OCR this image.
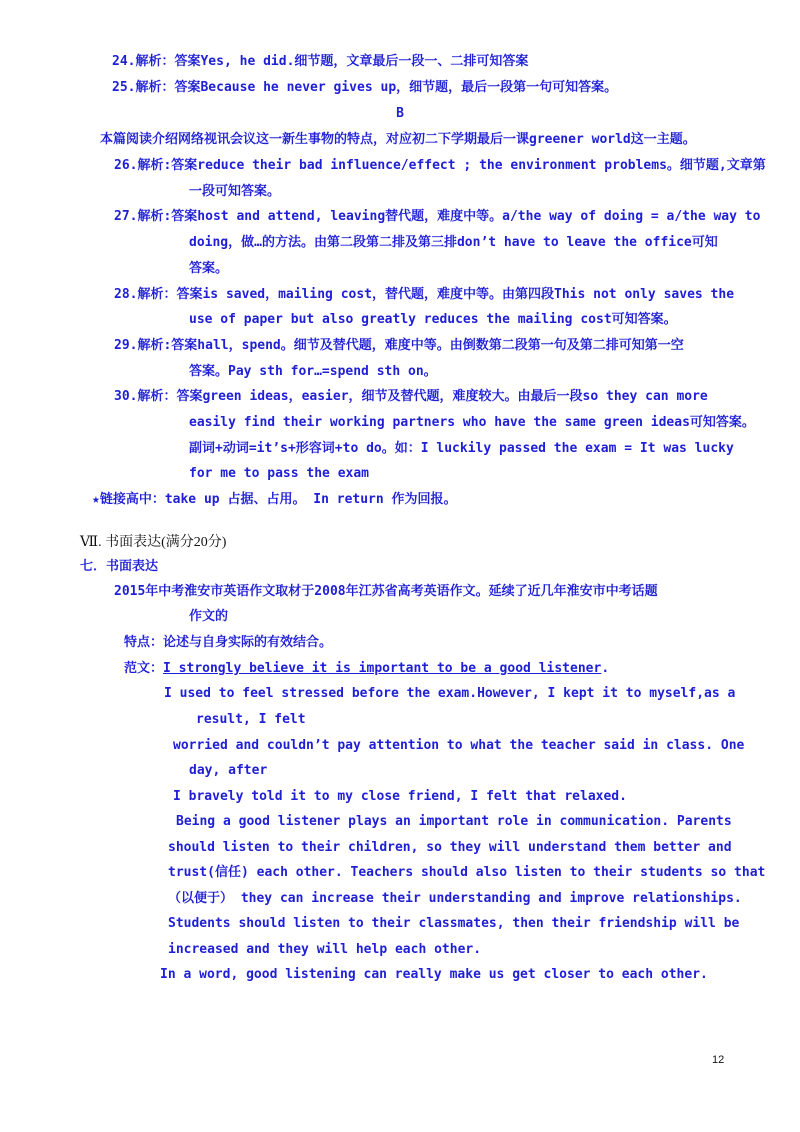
24.解析：答案Yes, he did.细节题，文章最后一段一、二排可知答案
25.解析：答案Because he never gives up，细节题，最后一段第一句可知答案。
B
本篇阅读介绍网络视讯会议这一新生事物的特点，对应初二下学期最后一课greener world这一主题。
26.解析:答案reduce their bad influence/effect ; the environment problems。细节题,文章第
一段可知答案。
27.解析:答案host and attend, leaving替代题，难度中等。a/the way of doing = a/the way to
doing，做…的方法。由第二段第二排及第三排don’t have to leave the office可知
答案。
28.解析：答案is saved，mailing cost，替代题，难度中等。由第四段This not only saves the
use of paper but also greatly reduces the mailing cost可知答案。
29.解析:答案hall，spend。细节及替代题，难度中等。由倒数第二段第一句及第二排可知第一空
答案。Pay sth for…=spend sth on。
30.解析：答案green ideas，easier，细节及替代题，难度较大。由最后一段so they can more
easily find their working partners who have the same green ideas可知答案。
副词+动词=it’s+形容词+to do。如：I luckily passed the exam = It was lucky
for me to pass the exam
★链接高中：take up 占据、占用。 In return 作为回报。
Ⅶ. 书面表达(满分20分)
七．书面表达
2015年中考淮安市英语作文取材于2008年江苏省高考英语作文。延续了近几年淮安市中考话题
作文的
特点：论述与自身实际的有效结合。
范文：I strongly believe it is important to be a good listener.
I used to feel stressed before the exam.However, I kept it to myself,as a
result, I felt
worried and couldn’t pay attention to what the teacher said in class. One
day, after
I bravely told it to my close friend, I felt that relaxed.
Being a good listener plays an important role in communication. Parents
should listen to their children, so they will understand them better and
trust(信任) each other. Teachers should also listen to their students so that
（以便于） they can increase their understanding and improve relationships.
Students should listen to their classmates, then their friendship will be
increased and they will help each other.
In a word, good listening can really make us get closer to each other.
12
